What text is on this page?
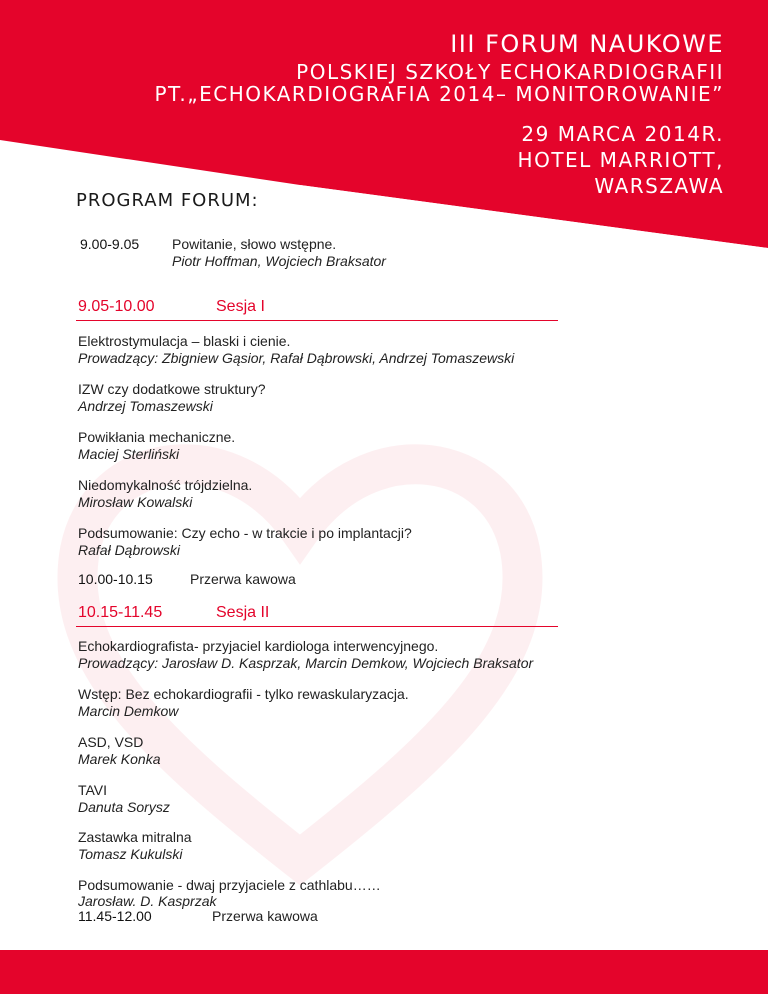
III FORUM NAUKOWE
POLSKIEJ SZKOŁY ECHOKARDIOGRAFII
PT.„ECHOKARDIOGRAFIA 2014– MONITOROWANIE”
29 MARCA 2014R.
HOTEL MARRIOTT,
WARSZAWA
PROGRAM FORUM:
9.00-9.05 Powitanie, słowo wstępne.
Piotr Hoffman, Wojciech Braksator
9.05-10.00	Sesja I
Elektrostymulacja – blaski i cienie.
Prowadzący: Zbigniew Gąsior, Rafał Dąbrowski, Andrzej Tomaszewski
IZW czy dodatkowe struktury?
Andrzej Tomaszewski
Powikłania mechaniczne.
Maciej Sterliński
Niedomykalność trójdzielna.
Mirosław Kowalski
Podsumowanie: Czy echo - w trakcie i po implantacji?
Rafał Dąbrowski
10.00-10.15	Przerwa kawowa
10.15-11.45	Sesja II
Echokardiografista- przyjaciel kardiologa interwencyjnego.
Prowadzący: Jarosław D. Kasprzak, Marcin Demkow, Wojciech Braksator
Wstęp: Bez echokardiografii - tylko rewaskularyzacja.
Marcin Demkow
ASD, VSD
Marek Konka
TAVI
Danuta Sorysz
Zastawka mitralna
Tomasz Kukulski
Podsumowanie - dwaj przyjaciele z cathlabu……
Jarosław. D. Kasprzak
11.45-12.00	Przerwa kawowa
